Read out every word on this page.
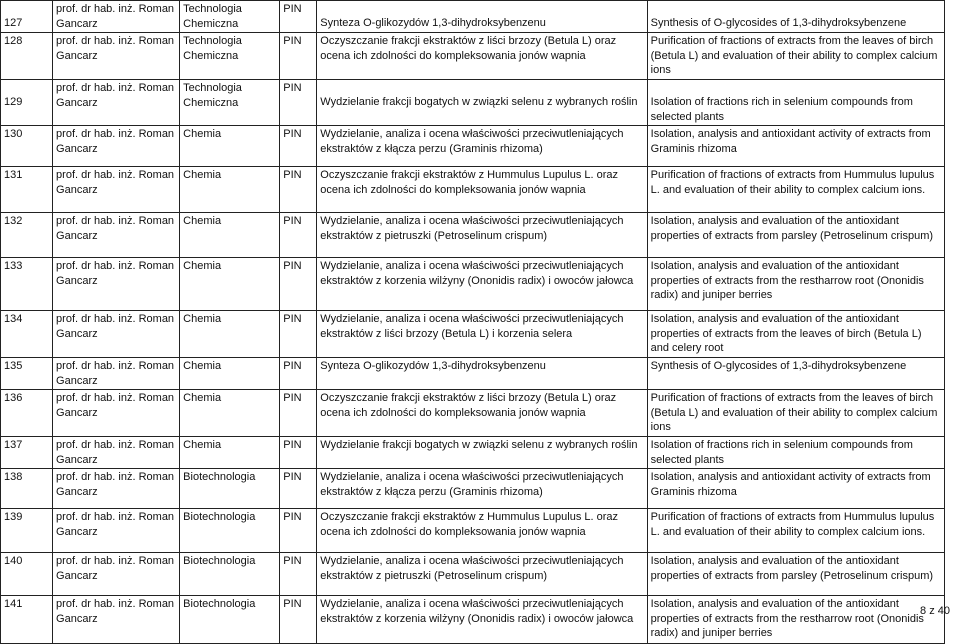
127	prof. dr hab. inż. Roman Gancarz	Technologia Chemiczna	PIN	Synteza O-glikozydów 1,3-dihydroksybenzenu	Synthesis of O-glycosides of 1,3-dihydroksybenzene
128	prof. dr hab. inż. Roman Gancarz	Technologia Chemiczna	PIN	Oczyszczanie frakcji ekstraktów z liści brzozy (Betula L) oraz ocena ich zdolności do kompleksowania jonów wapnia	Purification of fractions of extracts from the leaves of birch (Betula L) and evaluation of their ability to complex calcium ions
129	prof. dr hab. inż. Roman Gancarz	Technologia Chemiczna	PIN	Wydzielanie frakcji bogatych w związki selenu z wybranych roślin	Isolation of fractions rich in selenium compounds from selected plants
130	prof. dr hab. inż. Roman Gancarz	Chemia	PIN	Wydzielanie, analiza i ocena właściwości przeciwutleniających ekstraktów z kłącza perzu (Graminis rhizoma)	Isolation, analysis and antioxidant activity of extracts from Graminis rhizoma
131	prof. dr hab. inż. Roman Gancarz	Chemia	PIN	Oczyszczanie frakcji ekstraktów z Hummulus Lupulus L. oraz ocena ich zdolności do kompleksowania jonów wapnia	Purification of fractions of extracts from Hummulus lupulus L. and evaluation of their ability to complex calcium ions.
132	prof. dr hab. inż. Roman Gancarz	Chemia	PIN	Wydzielanie, analiza i ocena właściwości przeciwutleniających ekstraktów z pietruszki (Petroselinum crispum)	Isolation, analysis and evaluation of the antioxidant properties of extracts from parsley (Petroselinum crispum)
133	prof. dr hab. inż. Roman Gancarz	Chemia	PIN	Wydzielanie, analiza i ocena właściwości przeciwutleniających ekstraktów z korzenia wilżyny (Ononidis radix) i owoców jałowca	Isolation, analysis and evaluation of the antioxidant properties of extracts from the restharrow root (Ononidis radix) and juniper berries
134	prof. dr hab. inż. Roman Gancarz	Chemia	PIN	Wydzielanie, analiza i ocena właściwości przeciwutleniających ekstraktów z liści brzozy (Betula L) i korzenia selera	Isolation, analysis and evaluation of the antioxidant properties of extracts from the leaves of birch (Betula L) and celery root
135	prof. dr hab. inż. Roman Gancarz	Chemia	PIN	Synteza O-glikozydów 1,3-dihydroksybenzenu	Synthesis of O-glycosides of 1,3-dihydroksybenzene
136	prof. dr hab. inż. Roman Gancarz	Chemia	PIN	Oczyszczanie frakcji ekstraktów z liści brzozy (Betula L) oraz ocena ich zdolności do kompleksowania jonów wapnia	Purification of fractions of extracts from the leaves of birch (Betula L) and evaluation of their ability to complex calcium ions
137	prof. dr hab. inż. Roman Gancarz	Chemia	PIN	Wydzielanie frakcji bogatych w związki selenu z wybranych roślin	Isolation of fractions rich in selenium compounds from selected plants
138	prof. dr hab. inż. Roman Gancarz	Biotechnologia	PIN	Wydzielanie, analiza i ocena właściwości przeciwutleniających ekstraktów z kłącza perzu (Graminis rhizoma)	Isolation, analysis and antioxidant activity of extracts from Graminis rhizoma
139	prof. dr hab. inż. Roman Gancarz	Biotechnologia	PIN	Oczyszczanie frakcji ekstraktów z Hummulus Lupulus L. oraz ocena ich zdolności do kompleksowania jonów wapnia	Purification of fractions of extracts from Hummulus lupulus L. and evaluation of their ability to complex calcium ions.
140	prof. dr hab. inż. Roman Gancarz	Biotechnologia	PIN	Wydzielanie, analiza i ocena właściwości przeciwutleniających ekstraktów z pietruszki (Petroselinum crispum)	Isolation, analysis and evaluation of the antioxidant properties of extracts from parsley (Petroselinum crispum)
141	prof. dr hab. inż. Roman Gancarz	Biotechnologia	PIN	Wydzielanie, analiza i ocena właściwości przeciwutleniających ekstraktów z korzenia wilżyny (Ononidis radix) i owoców jałowca	Isolation, analysis and evaluation of the antioxidant properties of extracts from the restharrow root (Ononidis radix) and juniper berries
8 z 40
